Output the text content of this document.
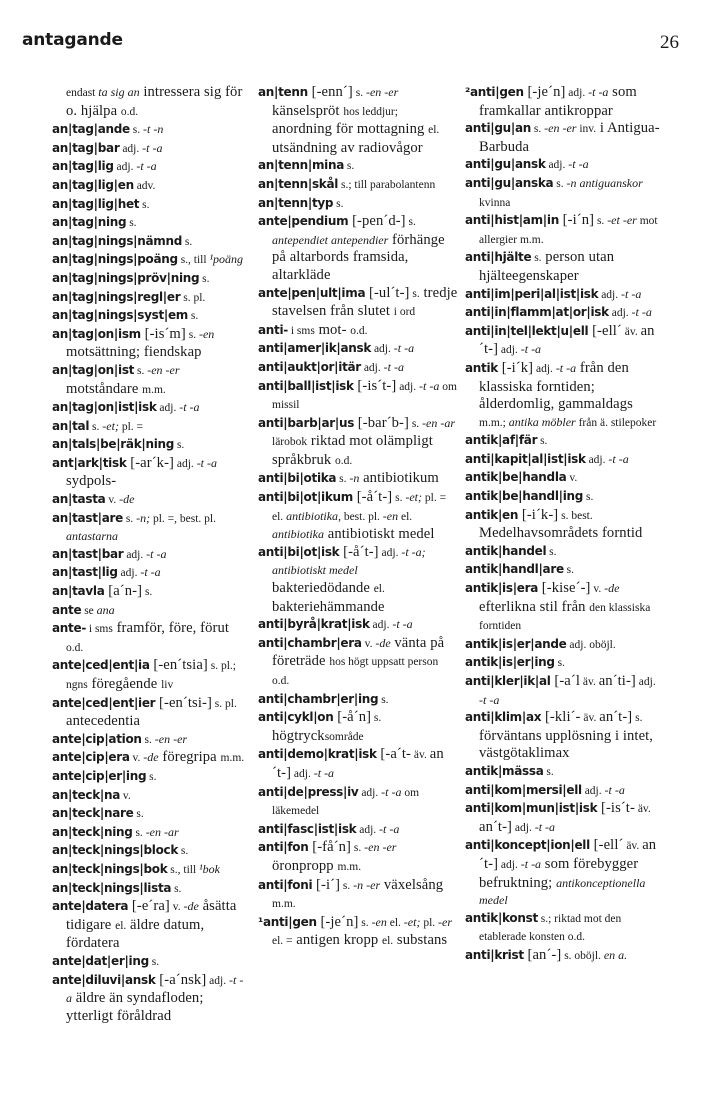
antagande	26
endast ta sig an intressera sig för o. hjälpa o.d.
an|tag|ande s. -t -n
an|tag|bar adj. -t -a
an|tag|lig adj. -t -a
an|tag|lig|en adv.
an|tag|lig|het s.
an|tag|ning s.
an|tag|nings|nämnd s.
an|tag|nings|poäng s., till ¹poäng
an|tag|nings|pröv|ning s.
an|tag|nings|regl|er s. pl.
an|tag|nings|syst|em s.
an|tag|on|ism [-is´m] s. -en motsättning; fiendskap
an|tag|on|ist s. -en -er motståndare m.m.
an|tag|on|ist|isk adj. -t -a
an|tal s. -et; pl. =
an|tals|be|räk|ning s.
ant|ark|tisk [-ar´k-] adj. -t -a sydpols-
an|tasta v. -de
an|tast|are s. -n; pl. =, best. pl. antastarna
an|tast|bar adj. -t -a
an|tast|lig adj. -t -a
an|tavla [a´n-] s.
ante se ana
ante- i sms framför, före, förut o.d.
ante|ced|ent|ia [-en´tsia] s. pl.; ngns föregående liv
ante|ced|ent|ier [-en´tsi-] s. pl. antecedentia
ante|cip|ation s. -en -er
ante|cip|era v. -de föregripa m.m.
ante|cip|er|ing s.
an|teck|na v.
an|teck|nare s.
an|teck|ning s. -en -ar
an|teck|nings|block s.
an|teck|nings|bok s., till ¹bok
an|teck|nings|lista s.
ante|datera [-e´ra] v. -de åsätta tidigare el. äldre datum, fördatera
ante|dat|er|ing s.
ante|diluvi|ansk [-a´nsk] adj. -t -a äldre än syndafloden; ytterligt föråldrad
an|tenn [-enn´] s. -en -er känselspröt hos leddjur; anordning för mottagning el. utsändning av radiovågor
an|tenn|mina s.
an|tenn|skål s.; till parabolantenn
an|tenn|typ s.
ante|pendium [-pen´d-] s. antependiet antependier förhänge på altarbords framsida, altarkläde
ante|pen|ult|ima [-ul´t-] s. tredje stavelsen från slutet i ord
anti- i sms mot- o.d.
anti|amer|ik|ansk adj. -t -a
anti|aukt|or|itär adj. -t -a
anti|ball|ist|isk [-is´t-] adj. -t -a om missil
anti|barb|ar|us [-bar´b-] s. -en -ar lärobok riktad mot olämpligt språkbruk o.d.
anti|bi|otika s. -n antibiotikum
anti|bi|ot|ikum [-å´t-] s. -et; pl. = el. antibiotika, best. pl. -en el. antibiotika antibiotiskt medel
anti|bi|ot|isk [-å´t-] adj. -t -a; antibiotiskt medel bakteriedödande el. bakteriehämmande
anti|byrå|krat|isk adj. -t -a
anti|chambr|era v. -de vänta på företräde hos högt uppsatt person o.d.
anti|chambr|er|ing s.
anti|cykl|on [-å´n] s. högtrycksområde
anti|demo|krat|isk [-a´t- äv. an´t-] adj. -t -a
anti|de|press|iv adj. -t -a om läkemedel
anti|fasc|ist|isk adj. -t -a
anti|fon [-få´n] s. -en -er öronpropp m.m.
anti|foni [-i´] s. -n -er växelsång m.m.
¹anti|gen [-je´n] s. -en el. -et; pl. -er el. = antigen kropp el. substans
²anti|gen [-je´n] adj. -t -a som framkallar antikroppar
anti|gu|an s. -en -er inv. i Antigua-Barbuda
anti|gu|ansk adj. -t -a
anti|gu|anska s. -n antiguanskor kvinna
anti|hist|am|in [-i´n] s. -et -er mot allergier m.m.
anti|hjälte s. person utan hjälteegenskaper
anti|im|peri|al|ist|isk adj. -t -a
anti|in|flamm|at|or|isk adj. -t -a
anti|in|tel|lekt|u|ell [-ell´ äv. an´t-] adj. -t -a
antik [-i´k] adj. -t -a från den klassiska forntiden; ålderdomlig, gammaldags m.m.; antika möbler från ä. stilepoker
antik|af|fär s.
anti|kapit|al|ist|isk adj. -t -a
antik|be|handla v.
antik|be|handl|ing s.
antik|en [-i´k-] s. best. Medelhavsområdets forntid
antik|handel s.
antik|handl|are s.
antik|is|era [-kise´-] v. -de efterlikna stil från den klassiska forntiden
antik|is|er|ande adj. oböjl.
antik|is|er|ing s.
anti|kler|ik|al [-a´l äv. an´ti-] adj. -t -a
anti|klim|ax [-kli´- äv. an´t-] s. förväntans upplösning i intet, västgötaklimax
antik|mässa s.
anti|kom|mersi|ell adj. -t -a
anti|kom|mun|ist|isk [-is´t- äv. an´t-] adj. -t -a
anti|koncept|ion|ell [-ell´ äv. an´t-] adj. -t -a som förebygger befruktning; antikonceptionella medel
antik|konst s.; riktad mot den etablerade konsten o.d.
anti|krist [an´-] s. oböjl. en a.
